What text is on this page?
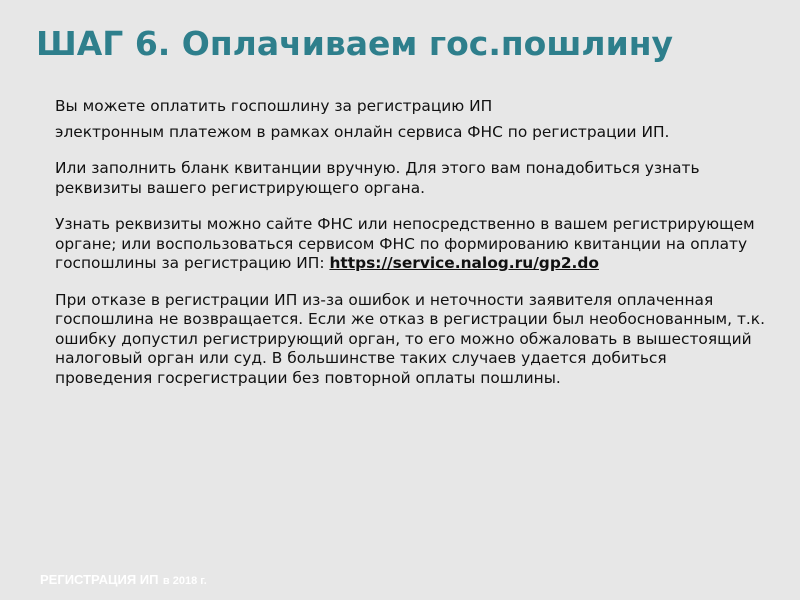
ШАГ 6. Оплачиваем гос.пошлину

Вы можете оплатить госпошлину за регистрацию ИП
электронным платежом в рамках онлайн сервиса ФНС по регистрации ИП.

Или заполнить бланк квитанции вручную. Для этого вам понадобиться узнать реквизиты вашего регистрирующего органа.

Узнать реквизиты можно сайте ФНС или непосредственно в вашем регистрирующем органе; или воспользоваться сервисом ФНС по формированию квитанции на оплату госпошлины за регистрацию ИП: https://service.nalog.ru/gp2.do

При отказе в регистрации ИП из-за ошибок и неточности заявителя оплаченная госпошлина не возвращается. Если же отказ в регистрации был необоснованным, т.к. ошибку допустил регистрирующий орган, то его можно обжаловать в вышестоящий налоговый орган или суд. В большинстве таких случаев удается добиться проведения госрегистрации без повторной оплаты пошлины.

РЕГИСТРАЦИЯ ИП в 2018 г.
